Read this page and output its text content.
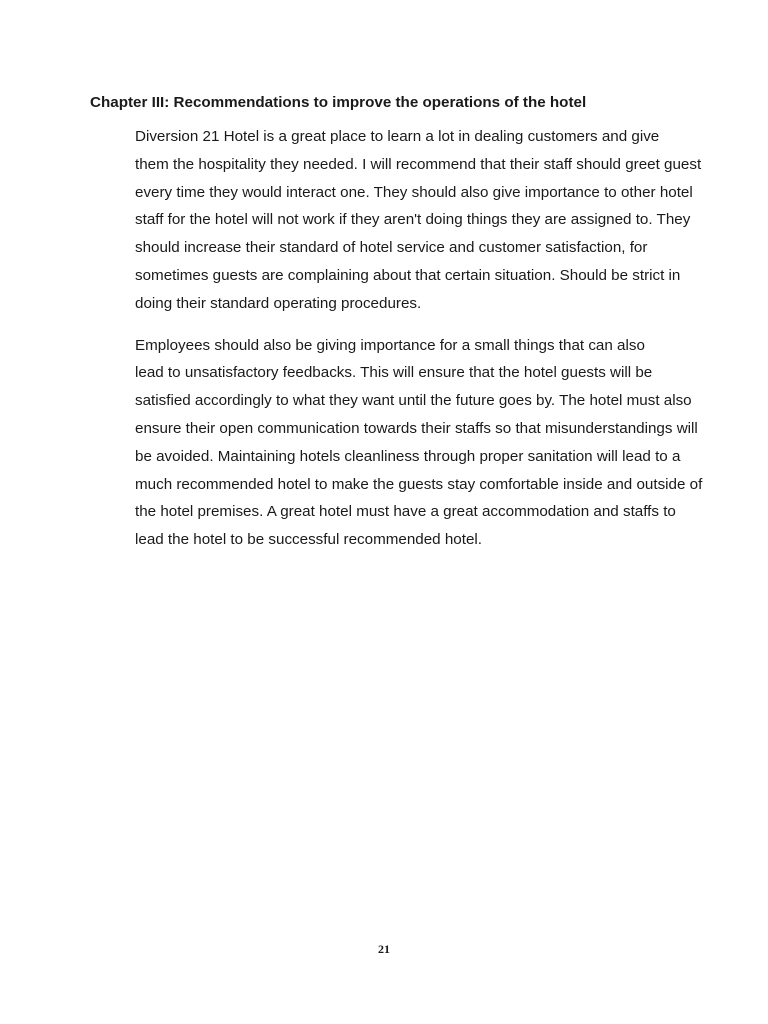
Chapter III: Recommendations to improve the operations of the hotel

Diversion 21 Hotel is a great place to learn a lot in dealing customers and give
them the hospitality they needed. I will recommend that their staff should greet guest
every time they would interact one. They should also give importance to other hotel
staff for the hotel will not work if they aren't doing things they are assigned to. They
should increase their standard of hotel service and customer satisfaction, for
sometimes guests are complaining about that certain situation. Should be strict in
doing their standard operating procedures.

Employees should also be giving importance for a small things that can also
lead to unsatisfactory feedbacks. This will ensure that the hotel guests will be
satisfied accordingly to what they want until the future goes by. The hotel must also
ensure their open communication towards their staffs so that misunderstandings will
be avoided. Maintaining hotels cleanliness through proper sanitation will lead to a
much recommended hotel to make the guests stay comfortable inside and outside of
the hotel premises. A great hotel must have a great accommodation and staffs to
lead the hotel to be successful recommended hotel.

21
